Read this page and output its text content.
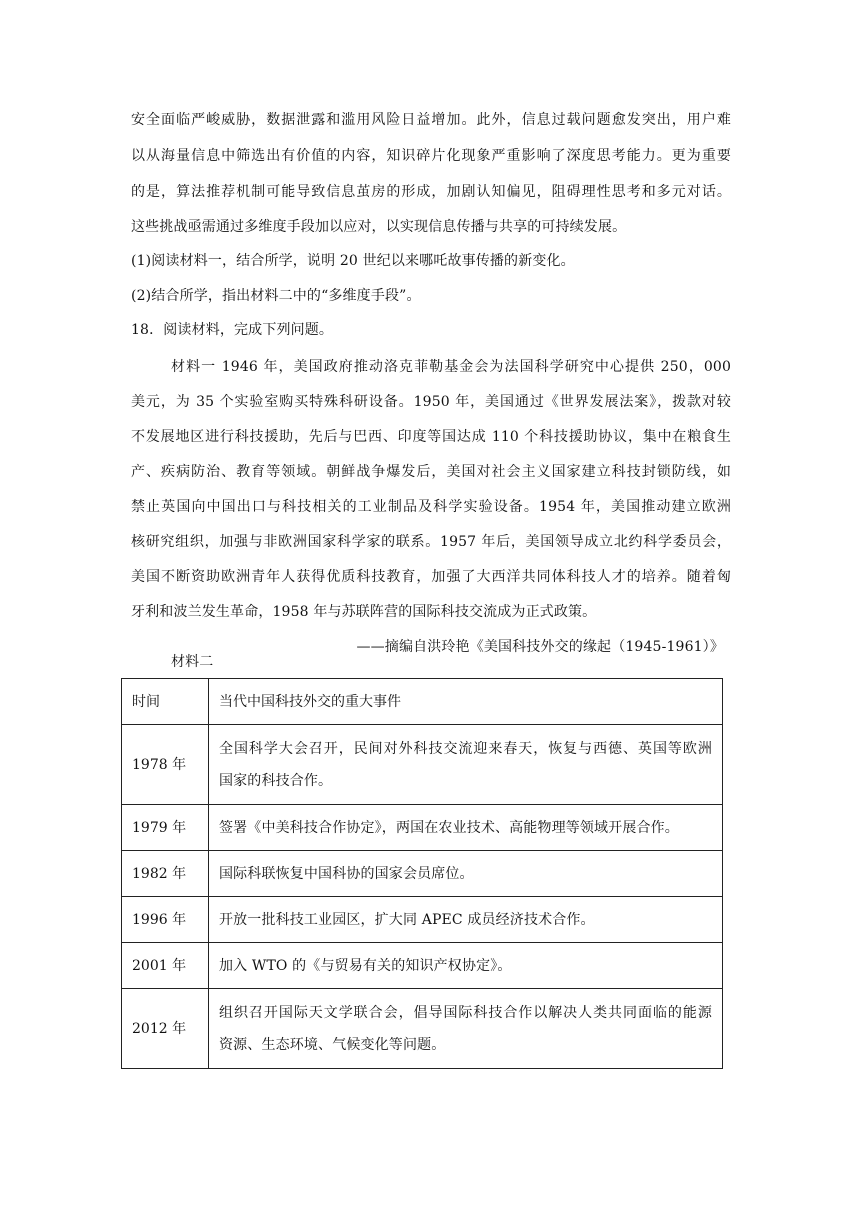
安全面临严峻威胁，数据泄露和滥用风险日益增加。此外，信息过载问题愈发突出，用户难
以从海量信息中筛选出有价值的内容，知识碎片化现象严重影响了深度思考能力。更为重要
的是，算法推荐机制可能导致信息茧房的形成，加剧认知偏见，阻碍理性思考和多元对话。
这些挑战亟需通过多维度手段加以应对，以实现信息传播与共享的可持续发展。
(1)阅读材料一，结合所学，说明 20 世纪以来哪吒故事传播的新变化。
(2)结合所学，指出材料二中的“多维度手段”。
18．阅读材料，完成下列问题。
材料一 1946 年，美国政府推动洛克菲勒基金会为法国科学研究中心提供 250，000
美元，为 35 个实验室购买特殊科研设备。1950 年，美国通过《世界发展法案》，拨款对较
不发展地区进行科技援助，先后与巴西、印度等国达成 110 个科技援助协议，集中在粮食生
产、疾病防治、教育等领域。朝鲜战争爆发后，美国对社会主义国家建立科技封锁防线，如
禁止英国向中国出口与科技相关的工业制品及科学实验设备。1954 年，美国推动建立欧洲
核研究组织，加强与非欧洲国家科学家的联系。1957 年后，美国领导成立北约科学委员会，
美国不断资助欧洲青年人获得优质科技教育，加强了大西洋共同体科技人才的培养。随着匈
牙利和波兰发生革命，1958 年与苏联阵营的国际科技交流成为正式政策。
——摘编自洪玲艳《美国科技外交的缘起（1945-1961）》
材料二
时间	当代中国科技外交的重大事件
1978 年	全国科学大会召开，民间对外科技交流迎来春天，恢复与西德、英国等欧洲
国家的科技合作。

1979 年	签署《中美科技合作协定》，两国在农业技术、高能物理等领域开展合作。

1982 年	国际科联恢复中国科协的国家会员席位。

1996 年	开放一批科技工业园区，扩大同 APEC 成员经济技术合作。

2001 年	加入 WTO 的《与贸易有关的知识产权协定》。

2012 年	组织召开国际天文学联合会，倡导国际科技合作以解决人类共同面临的能源
资源、生态环境、气候变化等问题。
